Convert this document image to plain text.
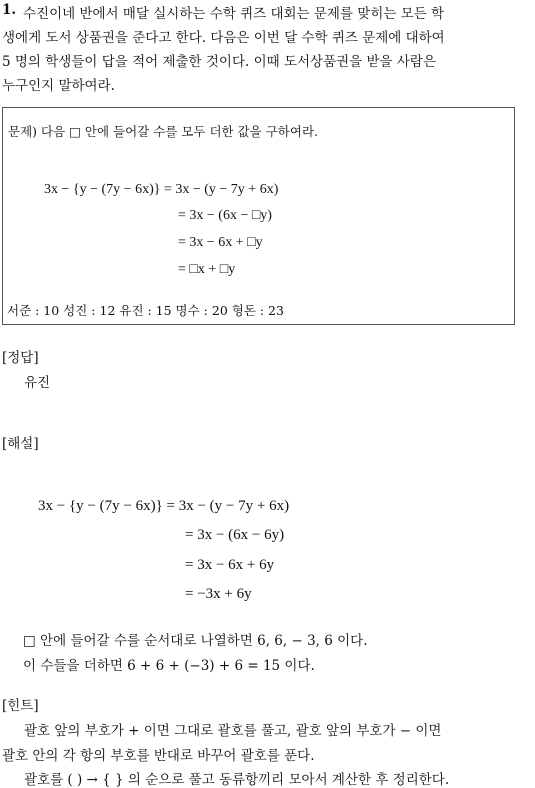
1. 수진이네 반에서 매달 실시하는 수학 퀴즈 대회는 문제를 맞히는 모든 학
생에게 도서 상품권을 준다고 한다. 다음은 이번 달 수학 퀴즈 문제에 대하여
5 명의 학생들이 답을 적어 제출한 것이다. 이때 도서상품권을 받을 사람은
누구인지 말하여라.
문제) 다음 □ 안에 들어갈 수를 모두 더한 값을 구하여라.
3x − {y − (7y − 6x)} = 3x − (y − 7y + 6x)
= 3x − (6x − □y)
= 3x − 6x + □y
= □x + □y
서준 : 10 성진 : 12 유진 : 15 명수 : 20 형돈 : 23
[정답]
유진
[해설]
3x − {y − (7y − 6x)} = 3x − (y − 7y + 6x)
= 3x − (6x − 6y)
= 3x − 6x + 6y
= −3x + 6y
□ 안에 들어갈 수를 순서대로 나열하면 6, 6, − 3, 6 이다.
이 수들을 더하면 6 + 6 + (−3) + 6 = 15 이다.
[힌트]
괄호 앞의 부호가 + 이면 그대로 괄호를 풀고, 괄호 앞의 부호가 − 이면
괄호 안의 각 항의 부호를 반대로 바꾸어 괄호를 푼다.
괄호를 ( ) → { } 의 순으로 풀고 동류항끼리 모아서 계산한 후 정리한다.
